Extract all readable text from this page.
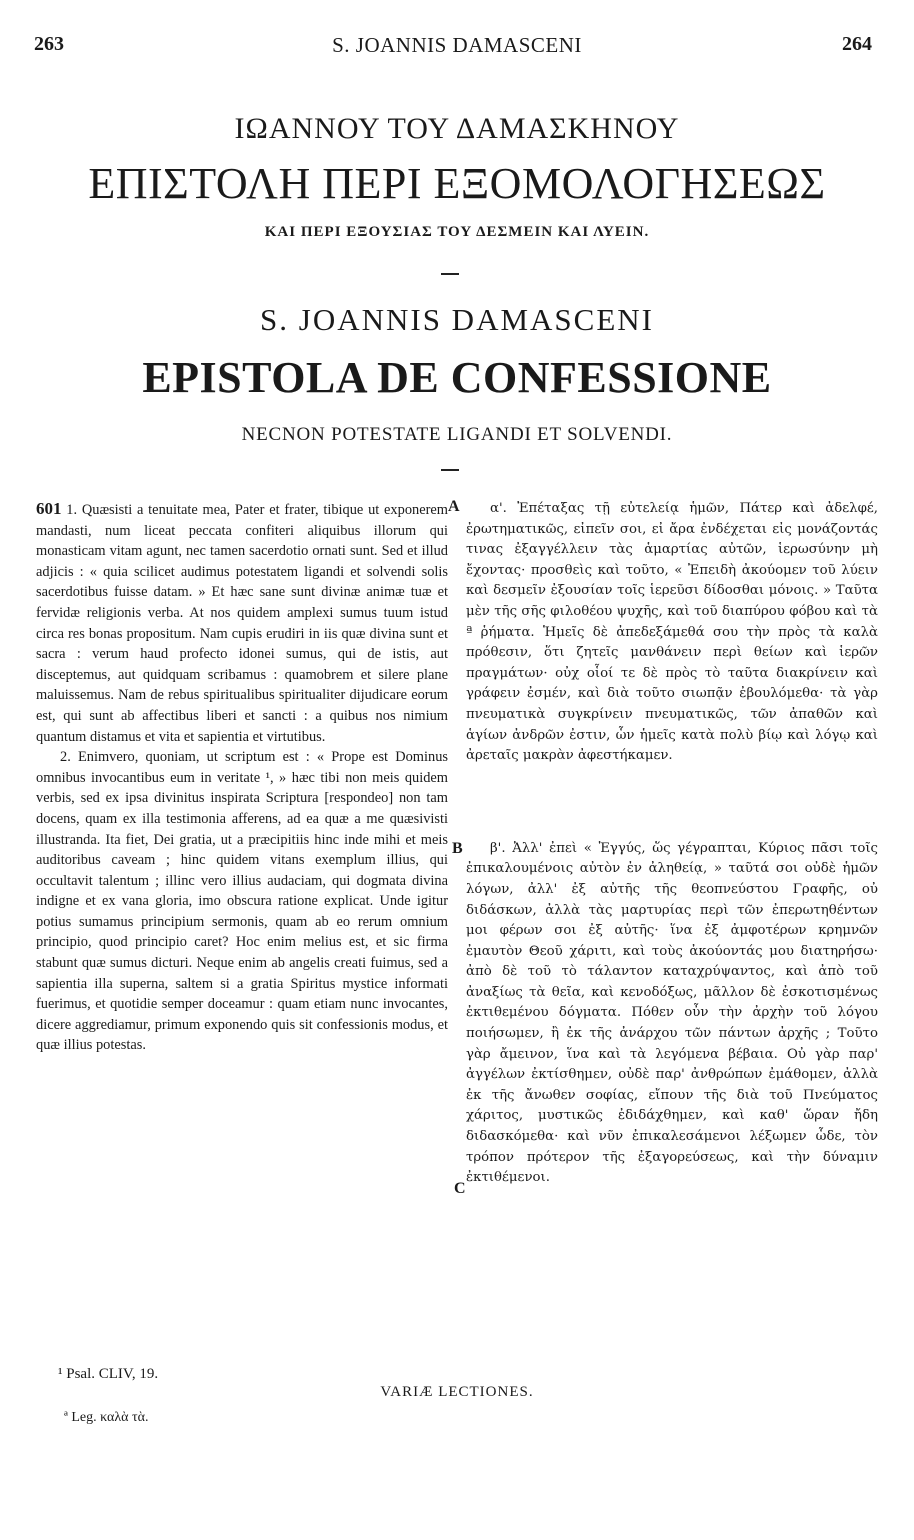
263	S. JOANNIS DAMASCENI	264
ΙΩΑΝΝΟΥ ΤΟΥ ΔΑΜΑΣΚΗΝΟΥ
ΕΠΙΣΤΟΛΗ ΠΕΡΙ ΕΞΟΜΟΛΟΓΗΣΕΩΣ
ΚΑΙ ΠΕΡΙ ΕΞΟΥΣΙΑΣ ΤΟΥ ΔΕΣΜΕΙΝ ΚΑΙ ΛΥΕΙΝ.
S. JOANNIS DAMASCENI
EPISTOLA DE CONFESSIONE
NECNON POTESTATE LIGANDI ET SOLVENDI.
A
B
C

601 1. Quæsisti a tenuitate mea, Pater et frater, tibique ut exponerem mandasti, num liceat peccata confiteri aliquibus illorum qui monasticam vitam agunt, nec tamen sacerdotio ornati sunt. Sed et illud adjicis : « quia scilicet audimus potestatem ligandi et solvendi solis sacerdotibus fuisse datam. » Et hæc sane sunt divinæ animæ tuæ et fervidæ religionis verba. At nos quidem amplexi sumus tuum istud circa res bonas propositum. Nam cupis erudiri in iis quæ divina sunt et sacra : verum haud profecto idonei sumus, qui de istis, aut disceptemus, aut quidquam scribamus : quamobrem et silere plane maluissemus. Nam de rebus spiritualibus spiritualiter dijudicare eorum est, qui sunt ab affectibus liberi et sancti : a quibus nos nimium quantum distamus et vita et sapientia et virtutibus.

2. Enimvero, quoniam, ut scriptum est : « Prope est Dominus omnibus invocantibus eum in veritate ¹, » hæc tibi non meis quidem verbis, sed ex ipsa divinitus inspirata Scriptura [respondeo] non tam docens, quam ex illa testimonia afferens, ad ea quæ a me quæsivisti illustranda. Ita fiet, Dei gratia, ut a præcipitiis hinc inde mihi et meis auditoribus caveam ; hinc quidem vitans exemplum illius, qui occultavit talentum ; illinc vero illius audaciam, qui dogmata divina indigne et ex vana gloria, imo obscura ratione explicat. Unde igitur potius sumamus principium sermonis, quam ab eo rerum omnium principio, quod principio caret? Hoc enim melius est, et sic firma stabunt quæ sumus dicturi. Neque enim ab angelis creati fuimus, sed a sapientia illa superna, saltem si a gratia Spiritus mystice informati fuerimus, et quotidie semper doceamur : quam etiam nunc invocantes, dicere aggrediamur, primum exponendo quis sit confessionis modus, et quæ illius potestas.

α'. Ἐπέταξας τῇ εὐτελείᾳ ἡμῶν, Πάτερ καὶ ἀδελφέ, ἐρωτηματικῶς, εἰπεῖν σοι, εἰ ἄρα ἐνδέχεται εἰς μονάζοντάς τινας ἐξαγγέλλειν τὰς ἁμαρτίας αὐτῶν, ἱερωσύνην μὴ ἔχοντας· προσθεὶς καὶ τοῦτο, « Ἐπειδὴ ἀκούομεν τοῦ λύειν καὶ δεσμεῖν ἐξουσίαν τοῖς ἱερεῦσι δίδοσθαι μόνοις. » Ταῦτα μὲν τῆς σῆς φιλοθέου ψυχῆς, καὶ τοῦ διαπύρου φόβου καὶ τὰ ª ῥήματα. Ἡμεῖς δὲ ἀπεδεξάμεθά σου τὴν πρὸς τὰ καλὰ πρόθεσιν, ὅτι ζητεῖς μανθάνειν περὶ θείων καὶ ἱερῶν πραγμάτων· οὐχ οἷοί τε δὲ πρὸς τὸ ταῦτα διακρίνειν καὶ γράφειν ἐσμέν, καὶ διὰ τοῦτο σιωπᾷν ἐβουλόμεθα· τὰ γὰρ πνευματικὰ συγκρίνειν πνευματικῶς, τῶν ἀπαθῶν καὶ ἁγίων ἀνδρῶν ἐστιν, ὧν ἡμεῖς κατὰ πολὺ βίῳ καὶ λόγῳ καὶ ἀρεταῖς μακρὰν ἀφεστήκαμεν.

β'. Ἀλλ' ἐπεὶ « Ἐγγύς, ὥς γέγραπται, Κύριος πᾶσι τοῖς ἐπικαλουμένοις αὐτὸν ἐν ἀληθείᾳ, » ταῦτά σοι οὐδὲ ἡμῶν λόγων, ἀλλ' ἐξ αὐτῆς τῆς θεοπνεύστου Γραφῆς, οὐ διδάσκων, ἀλλὰ τὰς μαρτυρίας περὶ τῶν ἐπερωτηθέντων μοι φέρων σοι ἐξ αὐτῆς· ἵνα ἐξ ἀμφοτέρων κρημνῶν ἐμαυτὸν Θεοῦ χάριτι, καὶ τοὺς ἀκούοντάς μου διατηρήσω· ἀπὸ δὲ τοῦ τὸ τάλαντον καταχρύψαντος, καὶ ἀπὸ τοῦ ἀναξίως τὰ θεῖα, καὶ κενοδόξως, μᾶλλον δὲ ἐσκοτισμένως ἐκτιθεμένου δόγματα. Πόθεν οὖν τὴν ἀρχὴν τοῦ λόγου ποιήσωμεν, ἢ ἐκ τῆς ἀνάρχου τῶν πάντων ἀρχῆς ; Τοῦτο γὰρ ἄμεινον, ἵνα καὶ τὰ λεγόμενα βέβαια. Οὐ γὰρ παρ' ἀγγέλων ἐκτίσθημεν, οὐδὲ παρ' ἀνθρώπων ἐμάθομεν, ἀλλὰ ἐκ τῆς ἄνωθεν σοφίας, εἴπουν τῆς διὰ τοῦ Πνεύματος χάριτος, μυστικῶς ἐδιδάχθημεν, καὶ καθ' ὥραν ἤδη διδασκόμεθα· καὶ νῦν ἐπικαλεσάμενοι λέξωμεν ὧδε, τὸν τρόπον πρότερον τῆς ἐξαγορεύσεως, καὶ τὴν δύναμιν ἐκτιθέμενοι.

¹ Psal. CLIV, 19.
VARIÆ LECTIONES.
ª Leg. καλὰ τὰ.
